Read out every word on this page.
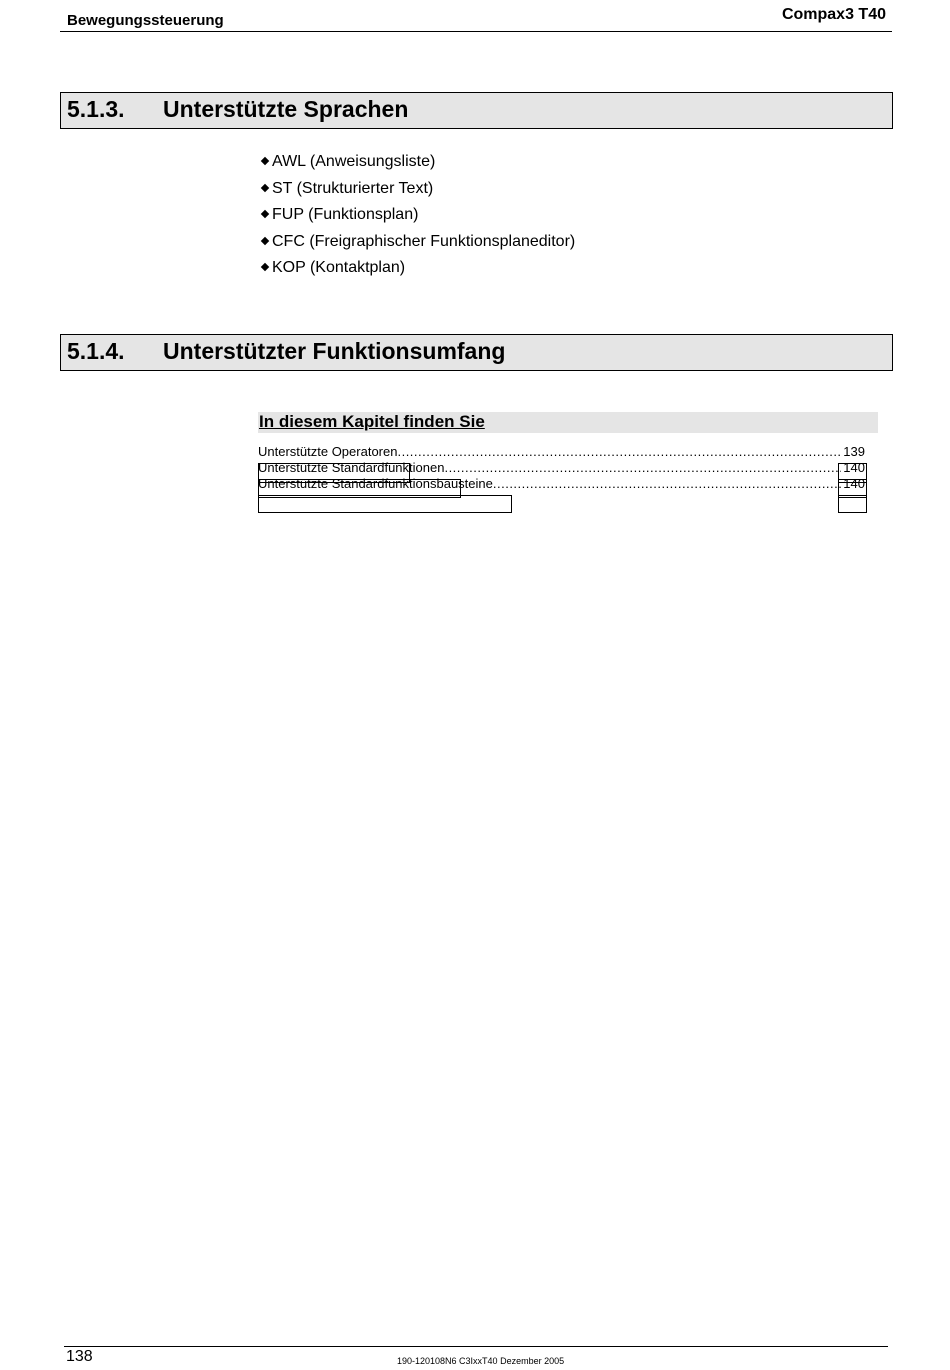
Bewegungssteuerung	Compax3 T40
5.1.3. Unterstützte Sprachen
AWL (Anweisungsliste)
ST (Strukturierter Text)
FUP (Funktionsplan)
CFC (Freigraphischer Funktionsplaneditor)
KOP (Kontaktplan)
5.1.4. Unterstützter Funktionsumfang
In diesem Kapitel finden Sie
Unterstützte Operatoren .....	139
Unterstützte Standardfunktionen .....	140
Unterstützte Standardfunktionsbausteine .....	140
138	190-120108N6 C3IxxT40 Dezember 2005
